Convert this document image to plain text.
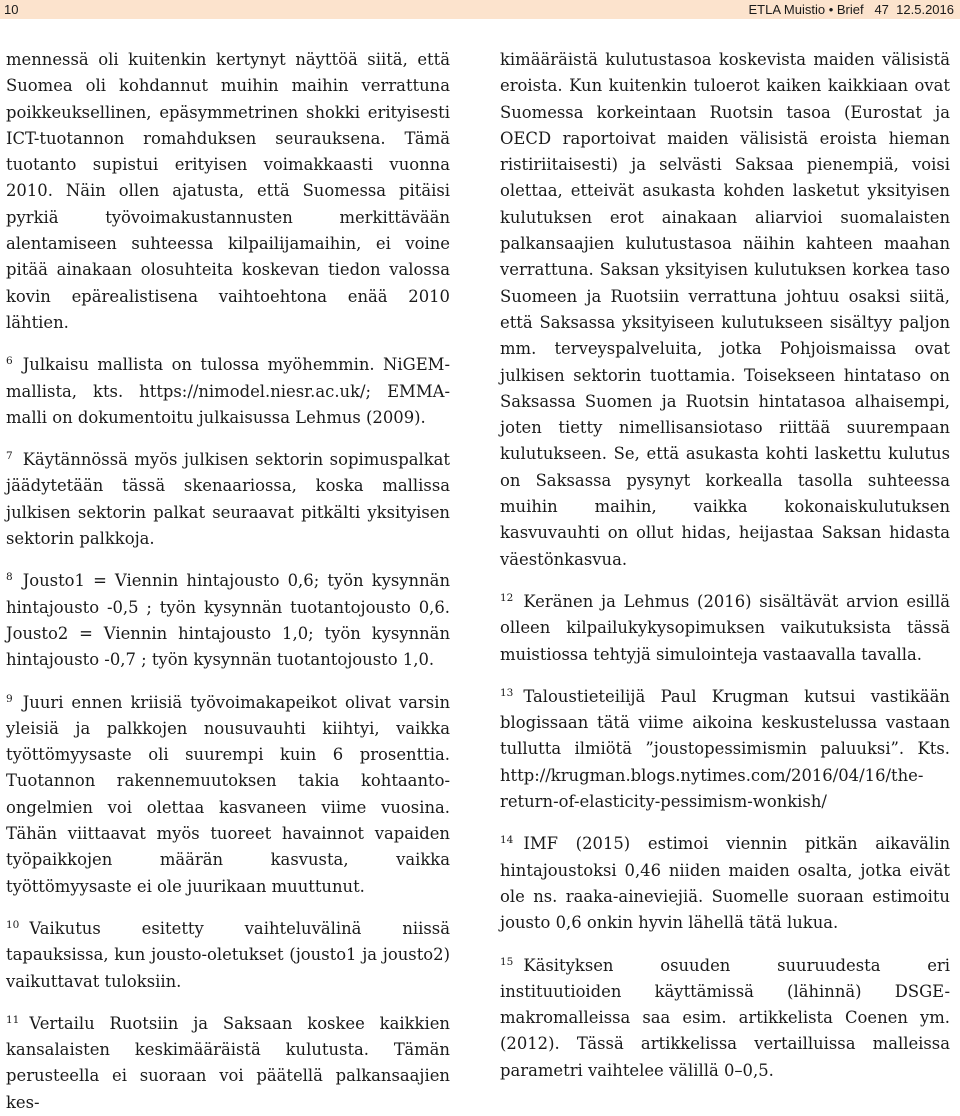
10	ETLA Muistio • Brief 47 12.5.2016

mennessä oli kuitenkin kertynyt näyttöä siitä, että Suomea oli kohdannut muihin maihin verrattuna poikkeuksellinen, epäsymmetrinen shokki erityisesti ICT-tuotannon romahduksen seurauksena. Tämä tuotanto supistui erityisen voimakkaasti vuonna 2010. Näin ollen ajatusta, että Suomessa pitäisi pyrkiä työvoimakustannusten merkittävään alentamiseen suhteessa kilpailijamaihin, ei voine pitää ainakaan olosuhteita koskevan tiedon valossa kovin epärealistisena vaihtoehtona enää 2010 lähtien.

$^6$ Julkaisu mallista on tulossa myöhemmin. NiGEM-mallista, kts. https://nimodel.niesr.ac.uk/; EMMA-malli on dokumentoitu julkaisussa Lehmus (2009).

$^7$ Käytännössä myös julkisen sektorin sopimuspalkat jäädytetään tässä skenaariossa, koska mallissa julkisen sektorin palkat seuraavat pitkälti yksityisen sektorin palkkoja.

$^8$ Jousto1 = Viennin hintajousto 0,6; työn kysynnän hintajousto -0,5 ; työn kysynnän tuotantojousto 0,6. Jousto2 = Viennin hintajousto 1,0; työn kysynnän hintajousto -0,7 ; työn kysynnän tuotantojousto 1,0.

$^9$ Juuri ennen kriisiä työvoimakapeikot olivat varsin yleisiä ja palkkojen nousuvauhti kiihtyi, vaikka työttömyysaste oli suurempi kuin 6 prosenttia. Tuotannon rakennemuutoksen takia kohtaanto-ongelmien voi olettaa kasvaneen viime vuosina. Tähän viittaavat myös tuoreet havainnot vapaiden työpaikkojen määrän kasvusta, vaikka työttömyysaste ei ole juurikaan muuttunut.

$^{10}$ Vaikutus esitetty vaihteluvälinä niissä tapauksissa, kun jousto-oletukset (jousto1 ja jousto2) vaikuttavat tuloksiin.

$^{11}$ Vertailu Ruotsiin ja Saksaan koskee kaikkien kansalaisten keskimääräistä kulutusta. Tämän perusteella ei suoraan voi päätellä palkansaajien kes-

kimääräistä kulutustasoa koskevista maiden välisistä eroista. Kun kuitenkin tuloerot kaiken kaikkiaan ovat Suomessa korkeintaan Ruotsin tasoa (Eurostat ja OECD raportoivat maiden välisistä eroista hieman ristiriitaisesti) ja selvästi Saksaa pienempiä, voisi olettaa, etteivät asukasta kohden lasketut yksityisen kulutuksen erot ainakaan aliarvioi suomalaisten palkansaajien kulutustasoa näihin kahteen maahan verrattuna. Saksan yksityisen kulutuksen korkea taso Suomeen ja Ruotsiin verrattuna johtuu osaksi siitä, että Saksassa yksityiseen kulutukseen sisältyy paljon mm. terveyspalveluita, jotka Pohjoismaissa ovat julkisen sektorin tuottamia. Toisekseen hintataso on Saksassa Suomen ja Ruotsin hintatasoa alhaisempi, joten tietty nimellisansiotaso riittää suurempaan kulutukseen. Se, että asukasta kohti laskettu kulutus on Saksassa pysynyt korkealla tasolla suhteessa muihin maihin, vaikka kokonaiskulutuksen kasvuvauhti on ollut hidas, heijastaa Saksan hidasta väestönkasvua.

$^{12}$ Keränen ja Lehmus (2016) sisältävät arvion esillä olleen kilpailukykysopimuksen vaikutuksista tässä muistiossa tehtyjä simulointeja vastaavalla tavalla.

$^{13}$ Taloustieteilijä Paul Krugman kutsui vastikään blogissaan tätä viime aikoina keskustelussa vastaan tullutta ilmiötä ”joustopessimismin paluuksi”. Kts. http://krugman.blogs.nytimes.com/2016/04/16/the-return-of-elasticity-pessimism-wonkish/

$^{14}$ IMF (2015) estimoi viennin pitkän aikavälin hintajoustoksi 0,46 niiden maiden osalta, jotka eivät ole ns. raaka-aineviejiä. Suomelle suoraan estimoitu jousto 0,6 onkin hyvin lähellä tätä lukua.

$^{15}$ Käsityksen osuuden suuruudesta eri instituutioiden käyttämissä (lähinnä) DSGE-makromalleissa saa esim. artikkelista Coenen ym. (2012). Tässä artikkelissa vertailluissa malleissa parametri vaihtelee välillä 0–0,5.
